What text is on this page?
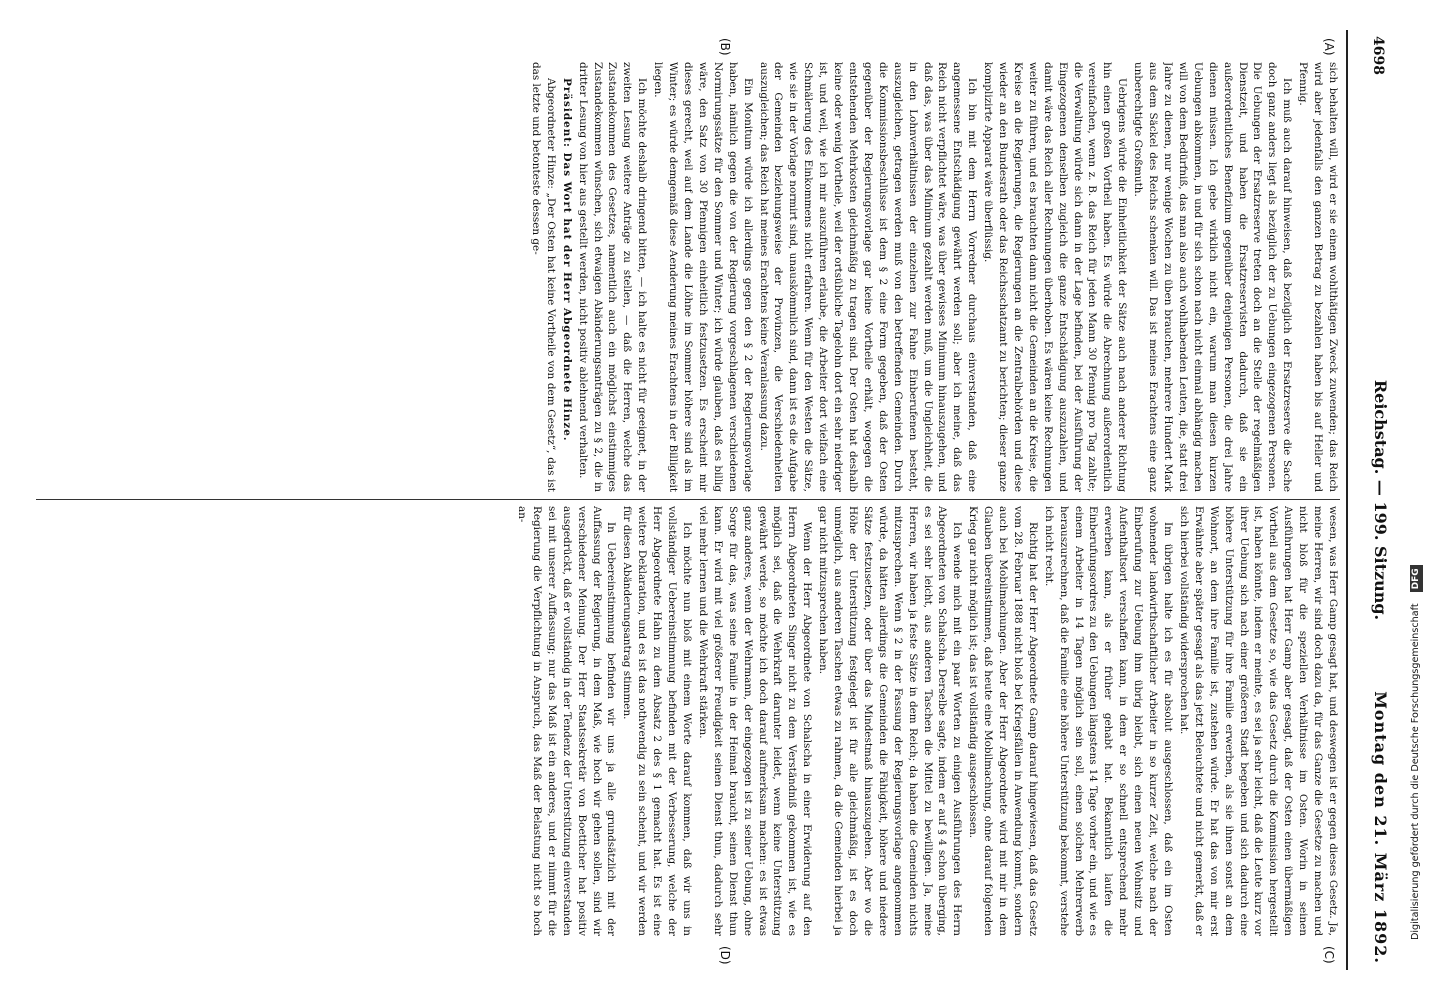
4698
Reichstag. — 199. Sitzung.
Montag den 21. März 1892.
(A)
(B)
(C)
(D)

sich behalten will, wird er sie einem wohlthätigen Zweck zuwenden; das Reich wird aber jedenfalls den ganzen Betrag zu bezahlen haben bis auf Heller und Pfennig.

Ich muß auch darauf hinweisen, daß bezüglich der Ersatzreserve die Sache doch ganz anders liegt als bezüglich der zu Uebungen eingezogenen Personen. Die Uebungen der Ersatzreserve treten doch an die Stelle der regelmäßigen Dienstzeit, und haben die Ersatzreservisten dadurch, daß sie ein außerordentliches Benefizium gegenüber denjenigen Personen, die drei Jahre dienen müssen. Ich gebe wirklich nicht ein, warum man diesen kurzen Uebungen abkommen, in und für sich schon nach nicht einmal abhängig machen will von dem Bedürfniß, das man also auch wohlhabenden Leuten, die, statt drei Jahre zu dienen, nur wenige Wochen zu üben brauchen, mehrere Hundert Mark aus dem Säckel des Reichs schenken will. Das ist meines Erachtens eine ganz unberechtigte Großmuth.

Uebrigens würde die Einheitlichkeit der Sätze auch nach anderer Richtung hin einen großen Vortheil haben. Es würde die Abrechnung außerordentlich vereinfachen, wenn z. B. das Reich für jeden Mann 30 Pfennig pro Tag zahlte; die Verwaltung würde sich dann in der Lage befinden, bei der Ausführung der Eingezogenen denselben zugleich die ganze Entschädigung auszuzahlen, und damit wäre das Reich aller Rechnungen überhoben. Es wären keine Rechnungen weiter zu führen, und es brauchten dann nicht die Gemeinden an die Kreise, die Kreise an die Regierungen, die Regierungen an die Zentralbehörden und diese wieder an den Bundesrath oder das Reichsschatzamt zu berichten; dieser ganze komplizirte Apparat wäre überflüssig.

Ich bin mit dem Herrn Vorredner durchaus einverstanden, daß eine angemessene Entschädigung gewährt werden soll; aber ich meine, daß das Reich nicht verpflichtet wäre, was über gewisses Minimum hinauszugehen, und daß das, was über das Minimum gezahlt werden muß, um die Ungleichheit, die in den Lohnverhältnissen der einzelnen zur Fahne Einberufenen besteht, auszugleichen, getragen werden muß von den betreffenden Gemeinden. Durch die Kommissionsbeschlüsse ist dem § 2 eine Form gegeben, daß der Osten gegenüber der Regierungsvorlage gar keine Vortheile erhält, wogegen die entstehenden Mehrkosten gleichmäßig zu tragen sind. Der Osten hat deshalb keine oder wenig Vortheile, weil der ortsübliche Tagelohn dort ein sehr niedriger ist, und weil, wie ich mir auszuführen erlaube, die Arbeiter dort vielfach eine Schmälerung des Einkommens nicht erfahren. Wenn für den Westen die Sätze, wie sie in der Vorlage normirt sind, unauskömmlich sind, dann ist es die Aufgabe der Gemeinden beziehungsweise der Provinzen, die Verschiedenheiten auszugleichen; das Reich hat meines Erachtens keine Veranlassung dazu.

Ein Monitum würde ich allerdings gegen den § 2 der Regierungsvorlage haben, nämlich gegen die von der Regierung vorgeschlagenen verschiedenen Normirungssätze für den Sommer und Winter; ich würde glauben, daß es billig wäre, den Satz von 30 Pfennigen einheitlich festzusetzen. Es erscheint mir dieses gerecht, weil auf dem Lande die Löhne im Sommer höhere sind als im Winter; es würde demgemäß diese Aenderung meines Erachtens in der Billigkeit liegen.

Ich möchte deshalb dringend bitten, — ich halte es nicht für geeignet, in der zweiten Lesung weitere Anträge zu stellen, — daß die Herren, welche das Zustandekommen des Gesetzes, namentlich auch ein möglichst einstimmiges Zustandekommen wünschen, sich etwaigen Abänderungsanträgen zu § 2, die in dritter Lesung von hier aus gestellt werden, nicht positiv ablehnend verhalten.

Präsident: Das Wort hat der Herr Abgeordnete Hinze.

Abgeordneter Hinze: „Der Osten hat keine Vortheile von dem Gesetz“, das ist das letzte und betonteste dessen ge-

wesen, was Herr Gamp gesagt hat, und deswegen ist er gegen dieses Gesetz. Ja, meine Herren, wir sind doch dazu da, für das Ganze die Gesetze zu machen und nicht bloß für die speziellen Verhältnisse im Osten. Worin in seinen Ausführungen hat Herr Gamp aber gesagt, daß der Osten einen übermäßigen Vortheil aus dem Gesetze so, wie das Gesetz durch die Kommission hergestellt ist, haben könnte, indem er meinte, es sei ja sehr leicht, daß die Leute kurz vor ihrer Uebung sich nach einer größeren Stadt begeben und sich dadurch eine höhere Unterstützung für ihre Familie erwerben, als sie ihnen sonst an dem Wohnort, an dem ihre Familie ist, zustehen würde. Er hat das von mir erst Erwähnte aber später gesagt als das jetzt Beleuchtete und nicht gemerkt, daß er sich hierbei vollständig widersprochen hat.

Im übrigen halte ich es für absolut ausgeschlossen, daß ein im Osten wohnender landwirthschaftlicher Arbeiter in so kurzer Zeit, welche nach der Einberufung zur Uebung ihm übrig bleibt, sich einen neuen Wohnsitz und Aufenthaltsort verschaffen kann, in dem er so schnell entsprechend mehr erwerben kann, als er früher gehabt hat. Bekanntlich laufen die Einberufungsordres zu den Uebungen längstens 14 Tage vorher ein, und wie es einem Arbeiter in 14 Tagen möglich sein soll, einen solchen Mehrerwerb herauszurechnen, daß die Familie eine höhere Unterstützung bekommt, verstehe ich nicht recht.

Richtig hat der Herr Abgeordnete Gamp darauf hingewiesen, daß das Gesetz vom 28. Februar 1888 nicht bloß bei Kriegsfällen in Anwendung kommt, sondern auch bei Mobilmachungen. Aber der Herr Abgeordnete wird mit mir in dem Glauben übereinstimmen, daß heute eine Mobilmachung, ohne darauf folgenden Krieg gar nicht möglich ist; das ist vollständig ausgeschlossen.

Ich wende mich mit ein paar Worten zu einigen Ausführungen des Herrn Abgeordneten von Schalscha. Derselbe sagte, indem er auf § 4 schon überging, es sei sehr leicht, aus anderen Taschen die Mittel zu bewilligen. Ja, meine Herren, wir haben ja feste Sätze in dem Reich; da haben die Gemeinden nichts mitzusprechen. Wenn § 2 in der Fassung der Regierungsvorlage angenommen würde, da hätten allerdings die Gemeinden die Fähigkeit, höhere und niedere Sätze festzusetzen, oder über das Mindestmaß hinauszugehen. Aber wo die Höhe der Unterstützung festgelegt ist für alle gleichmäßig, ist es doch unmöglich, aus anderen Taschen etwas zu rahmen, da die Gemeinden hierbei ja gar nicht mitzusprechen haben.

Wenn der Herr Abgeordnete von Schalscha in einer Erwiderung auf den Herrn Abgeordneten Singer nicht zu dem Verständniß gekommen ist, wie es möglich sei, daß die Wehrkraft darunter leidet, wenn keine Unterstützung gewährt werde, so möchte ich doch darauf aufmerksam machen: es ist etwas ganz anderes, wenn der Wehrmann, der eingezogen ist zu seiner Uebung, ohne Sorge für das, was seine Familie in der Heimat braucht, seinen Dienst thun kann. Er wird mit viel größerer Freudigkeit seinen Dienst thun, dadurch sehr viel mehr lernen und die Wehrkraft stärken.

Ich möchte nun bloß mit einem Worte darauf kommen, daß wir uns in vollständiger Uebereinstimmung befinden mit der Verbesserung, welche der Herr Abgeordnete Hahn zu dem Absatz 2 des § 1 gemacht hat. Es ist eine weitere Deklaration, und es ist das nothwendig zu sein scheint, und wir werden für diesen Abänderungsantrag stimmen.

In Uebereinstimmung befinden wir uns ja alle grundsätzlich mit der Auffassung der Regierung, in dem Maß, wie hoch wir gehen sollen, sind wir verschiedener Meinung. Der Herr Staatssekretär von Boetticher hat positiv ausgedrückt, daß er vollständig in der Tendenz der Unterstützung einverstanden sei mit unserer Auffassung; nur das Maß ist ein anderes, und er nimmt für die Regierung die Verpflichtung in Anspruch, das Maß der Belastung nicht so hoch an-

Digitalisierung gefördert durch die Deutsche Forschungsgemeinschaft DFG
